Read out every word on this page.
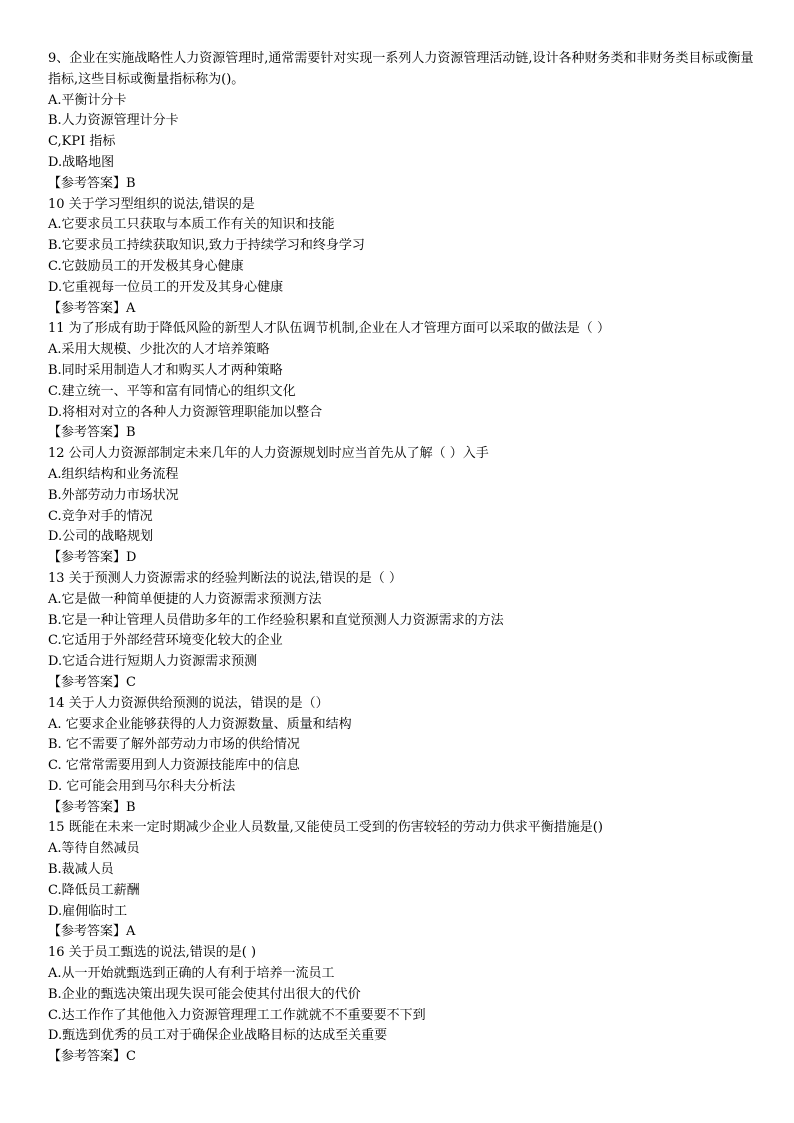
9、企业在实施战略性人力资源管理时,通常需要针对实现一系列人力资源管理活动链,设计各种财务类和非财务类目标或衡量指标,这些目标或衡量指标称为()。
A.平衡计分卡
B.人力资源管理计分卡
C,KPI 指标
D.战略地图
【参考答案】B
10 关于学习型组织的说法,错误的是
A.它要求员工只获取与本质工作有关的知识和技能
B.它要求员工持续获取知识,致力于持续学习和终身学习
C.它鼓励员工的开发极其身心健康
D.它重视每一位员工的开发及其身心健康
【参考答案】A
11 为了形成有助于降低风险的新型人才队伍调节机制,企业在人才管理方面可以采取的做法是（ ）
A.采用大规模、少批次的人才培养策略
B.同时采用制造人才和购买人才两种策略
C.建立统一、平等和富有同情心的组织文化
D.将相对对立的各种人力资源管理职能加以整合
【参考答案】B
12 公司人力资源部制定未来几年的人力资源规划时应当首先从了解（ ）入手
A.组织结构和业务流程
B.外部劳动力市场状况
C.竞争对手的情况
D.公司的战略规划
【参考答案】D
13 关于预测人力资源需求的经验判断法的说法,错误的是（ ）
A.它是做一种简单便捷的人力资源需求预测方法
B.它是一种让管理人员借助多年的工作经验积累和直觉预测人力资源需求的方法
C.它适用于外部经营环境变化较大的企业
D.它适合进行短期人力资源需求预测
【参考答案】C
14 关于人力资源供给预测的说法，错误的是（）
A. 它要求企业能够获得的人力资源数量、质量和结构
B. 它不需要了解外部劳动力市场的供给情况
C. 它常常需要用到人力资源技能库中的信息
D. 它可能会用到马尔科夫分析法
【参考答案】B
15 既能在未来一定时期减少企业人员数量,又能使员工受到的伤害较轻的劳动力供求平衡措施是()
A.等待自然减员
B.裁减人员
C.降低员工薪酬
D.雇佣临时工
【参考答案】A
16 关于员工甄选的说法,错误的是( )
A.从一开始就甄选到正确的人有利于培养一流员工
B.企业的甄选决策出现失误可能会使其付出很大的代价
C.达工作作了其他他入力资源管理理工工作就就不不重要要不下到
D.甄选到优秀的员工对于确保企业战略目标的达成至关重要
【参考答案】C
